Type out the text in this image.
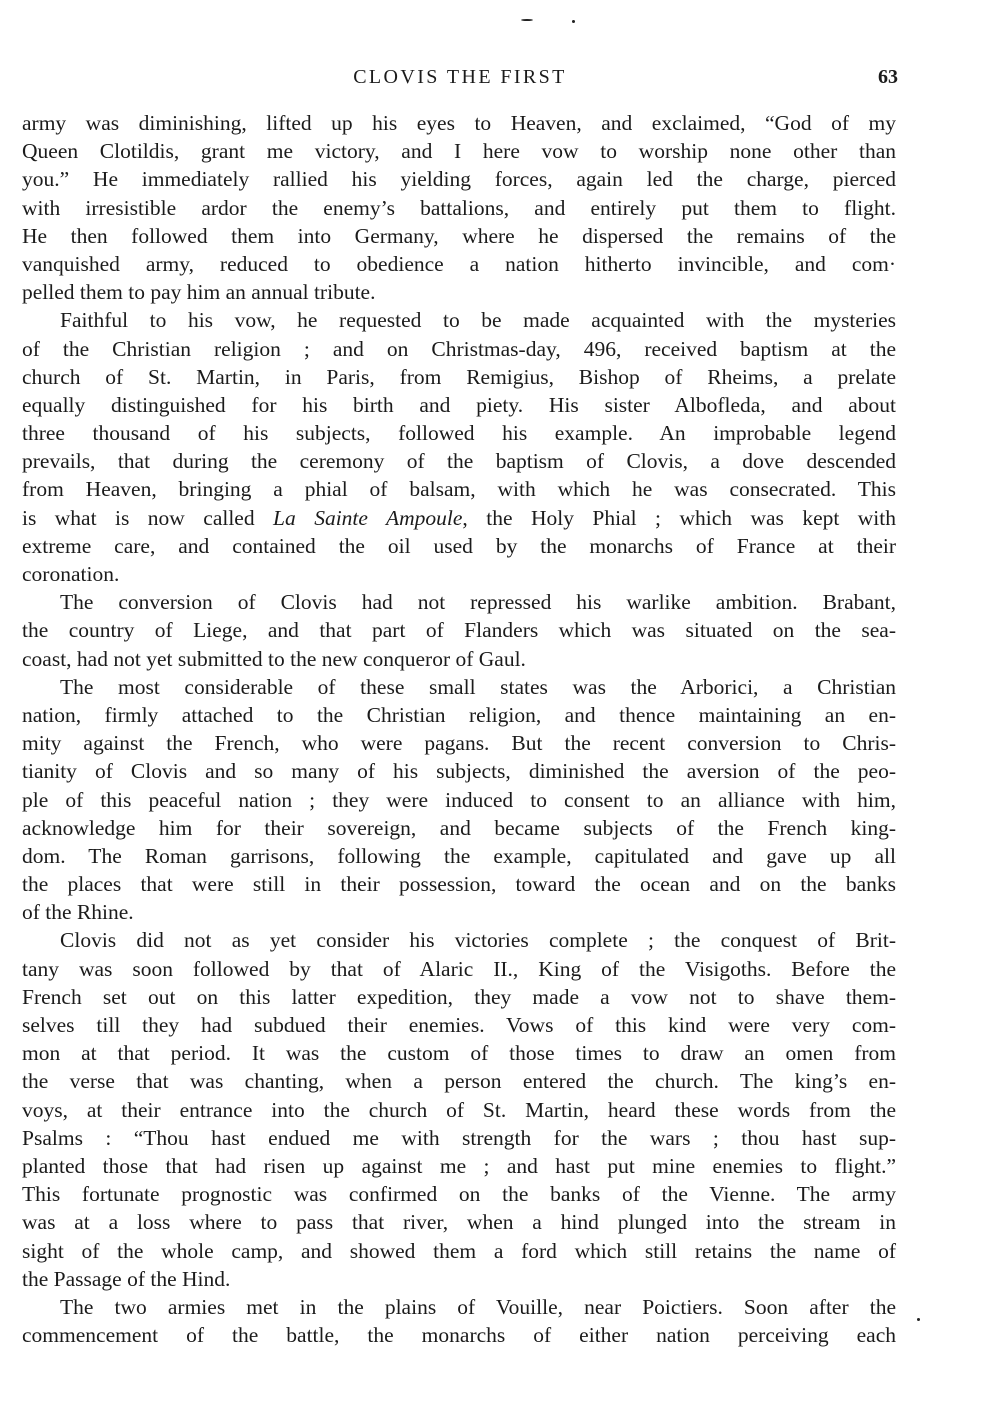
CLOVIS THE FIRST	63
army was diminishing, lifted up his eyes to Heaven, and exclaimed, “God of my
Queen Clotildis, grant me victory, and I here vow to worship none other than
you.” He immediately rallied his yielding forces, again led the charge, pierced
with irresistible ardor the enemy’s battalions, and entirely put them to flight.
He then followed them into Germany, where he dispersed the remains of the
vanquished army, reduced to obedience a nation hitherto invincible, and com·
pelled them to pay him an annual tribute.
Faithful to his vow, he requested to be made acquainted with the mysteries
of the Christian religion ; and on Christmas-day, 496, received baptism at the
church of St. Martin, in Paris, from Remigius, Bishop of Rheims, a prelate
equally distinguished for his birth and piety. His sister Albofleda, and about
three thousand of his subjects, followed his example. An improbable legend
prevails, that during the ceremony of the baptism of Clovis, a dove descended
from Heaven, bringing a phial of balsam, with which he was consecrated. This
is what is now called La Sainte Ampoule, the Holy Phial ; which was kept with
extreme care, and contained the oil used by the monarchs of France at their
coronation.
The conversion of Clovis had not repressed his warlike ambition. Brabant,
the country of Liege, and that part of Flanders which was situated on the sea-
coast, had not yet submitted to the new conqueror of Gaul.
The most considerable of these small states was the Arborici, a Christian
nation, firmly attached to the Christian religion, and thence maintaining an en-
mity against the French, who were pagans. But the recent conversion to Chris-
tianity of Clovis and so many of his subjects, diminished the aversion of the peo-
ple of this peaceful nation ; they were induced to consent to an alliance with him,
acknowledge him for their sovereign, and became subjects of the French king-
dom. The Roman garrisons, following the example, capitulated and gave up all
the places that were still in their possession, toward the ocean and on the banks
of the Rhine.
Clovis did not as yet consider his victories complete ; the conquest of Brit-
tany was soon followed by that of Alaric II., King of the Visigoths. Before the
French set out on this latter expedition, they made a vow not to shave them-
selves till they had subdued their enemies. Vows of this kind were very com-
mon at that period. It was the custom of those times to draw an omen from
the verse that was chanting, when a person entered the church. The king’s en-
voys, at their entrance into the church of St. Martin, heard these words from the
Psalms : “Thou hast endued me with strength for the wars ; thou hast sup-
planted those that had risen up against me ; and hast put mine enemies to flight.”
This fortunate prognostic was confirmed on the banks of the Vienne. The army
was at a loss where to pass that river, when a hind plunged into the stream in
sight of the whole camp, and showed them a ford which still retains the name of
the Passage of the Hind.
The two armies met in the plains of Vouille, near Poictiers. Soon after the
commencement of the battle, the monarchs of either nation perceiving each
